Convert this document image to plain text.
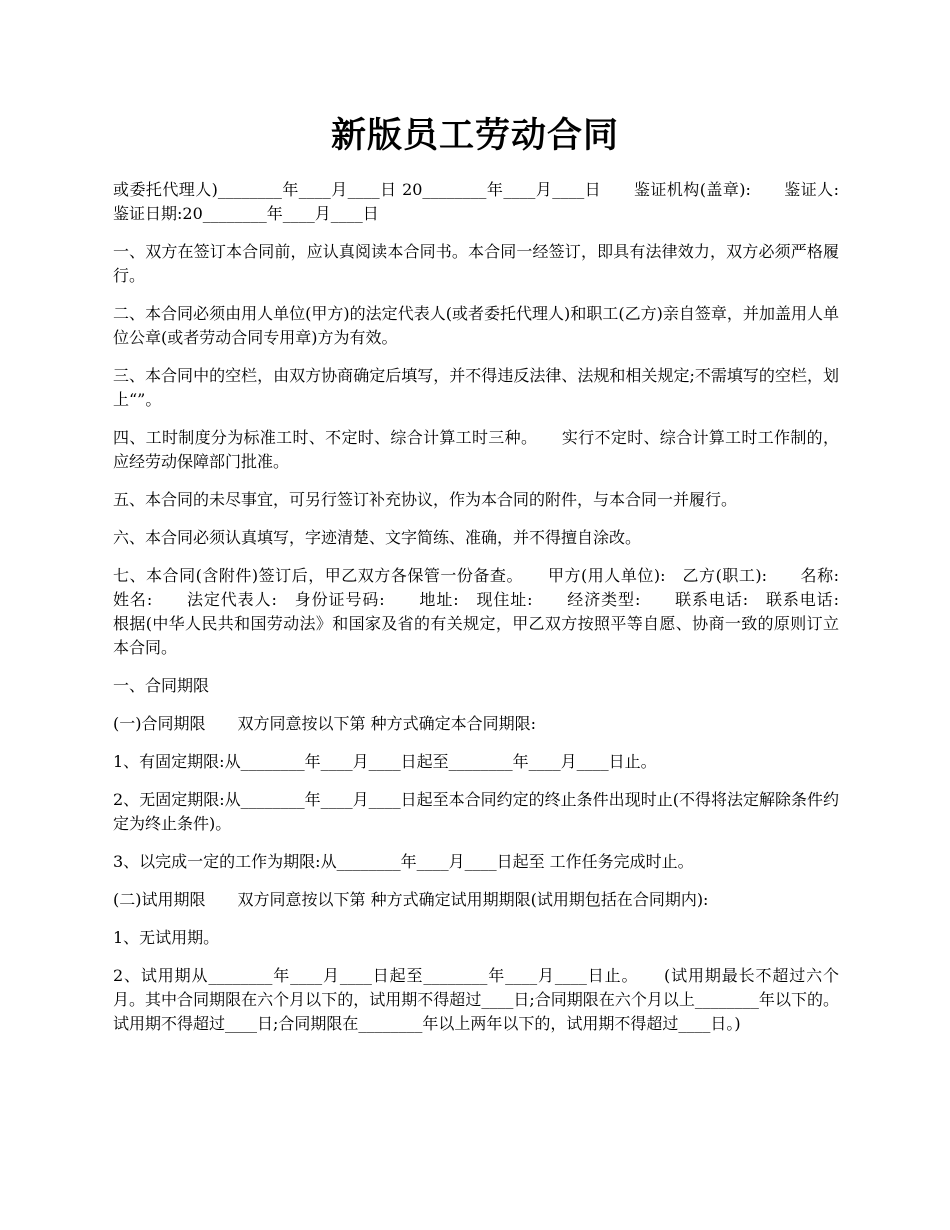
新版员工劳动合同

或委托代理人)________年____月____日 20________年____月____日　　鉴证机构(盖章):　　鉴证人:　　　鉴证日期:20________年____月____日

一、双方在签订本合同前，应认真阅读本合同书。本合同一经签订，即具有法律效力，双方必须严格履行。

二、本合同必须由用人单位(甲方)的法定代表人(或者委托代理人)和职工(乙方)亲自签章，并加盖用人单位公章(或者劳动合同专用章)方为有效。

三、本合同中的空栏，由双方协商确定后填写，并不得违反法律、法规和相关规定;不需填写的空栏，划上“”。

四、工时制度分为标准工时、不定时、综合计算工时三种。　　实行不定时、综合计算工时工作制的，应经劳动保障部门批准。

五、本合同的未尽事宜，可另行签订补充协议，作为本合同的附件，与本合同一并履行。

六、本合同必须认真填写，字迹清楚、文字简练、准确，并不得擅自涂改。

七、本合同(含附件)签订后，甲乙双方各保管一份备查。　　甲方(用人单位):　乙方(职工):　　名称:　姓名:　　法定代表人:　身份证号码:　　地址:　现住址:　　经济类型:　　联系电话:　联系电话:　　根据(中华人民共和国劳动法》和国家及省的有关规定，甲乙双方按照平等自愿、协商一致的原则订立本合同。

一、合同期限

(一)合同期限　　双方同意按以下第 种方式确定本合同期限:

1、有固定期限:从________年____月____日起至________年____月____日止。

2、无固定期限:从________年____月____日起至本合同约定的终止条件出现时止(不得将法定解除条件约定为终止条件)。

3、以完成一定的工作为期限:从________年____月____日起至 工作任务完成时止。

(二)试用期限　　双方同意按以下第 种方式确定试用期期限(试用期包括在合同期内):

1、无试用期。

2、试用期从________年____月____日起至________年____月____日止。　　(试用期最长不超过六个月。其中合同期限在六个月以下的，试用期不得超过____日;合同期限在六个月以上________年以下的。试用期不得超过____日;合同期限在________年以上两年以下的，试用期不得超过____日。)
